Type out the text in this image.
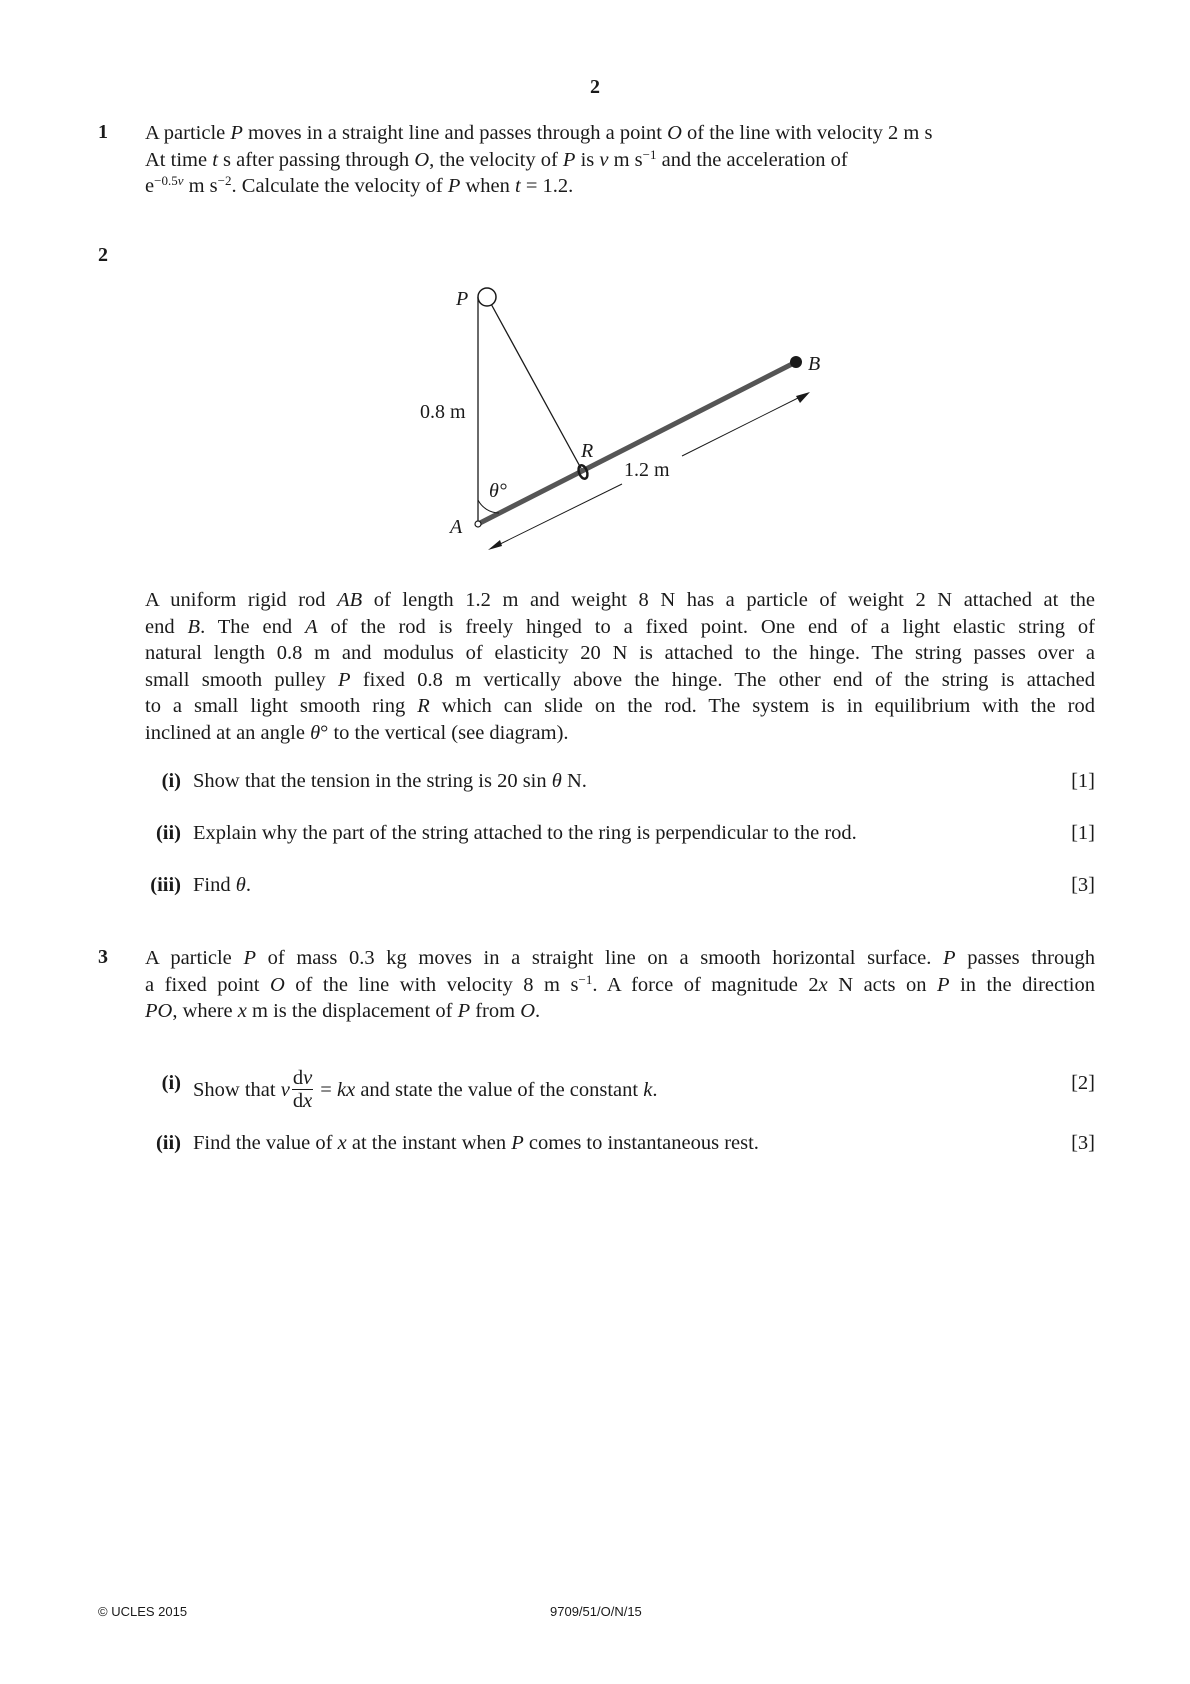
2
1 A particle P moves in a straight line and passes through a point O of the line with velocity 2 m s
At time t s after passing through O, the velocity of P is v m $s^{-1}$ and the acceleration of
$e^{-0.5v}$ m $s^{-2}$. Calculate the velocity of P when t = 1.2.
2
P
B
R
A
0.8 m
1.2 m
θ°
A uniform rigid rod AB of length 1.2 m and weight 8 N has a particle of weight 2 N attached at the
end B. The end A of the rod is freely hinged to a fixed point. One end of a light elastic string of
natural length 0.8 m and modulus of elasticity 20 N is attached to the hinge. The string passes over a
small smooth pulley P fixed 0.8 m vertically above the hinge. The other end of the string is attached
to a small light smooth ring R which can slide on the rod. The system is in equilibrium with the rod
inclined at an angle θ° to the vertical (see diagram).
(i) Show that the tension in the string is 20 sin θ N.	[1]
(ii) Explain why the part of the string attached to the ring is perpendicular to the rod.	[1]
(iii) Find θ.	[3]
3 A particle P of mass 0.3 kg moves in a straight line on a smooth horizontal surface. P passes through
a fixed point O of the line with velocity 8 m $s^{-1}$. A force of magnitude 2x N acts on P in the direction
PO, where x m is the displacement of P from O.
(i) Show that v $\frac{dv}{dx}$ = kx and state the value of the constant k.	[2]
(ii) Find the value of x at the instant when P comes to instantaneous rest.	[3]
© UCLES 2015	9709/51/O/N/15
